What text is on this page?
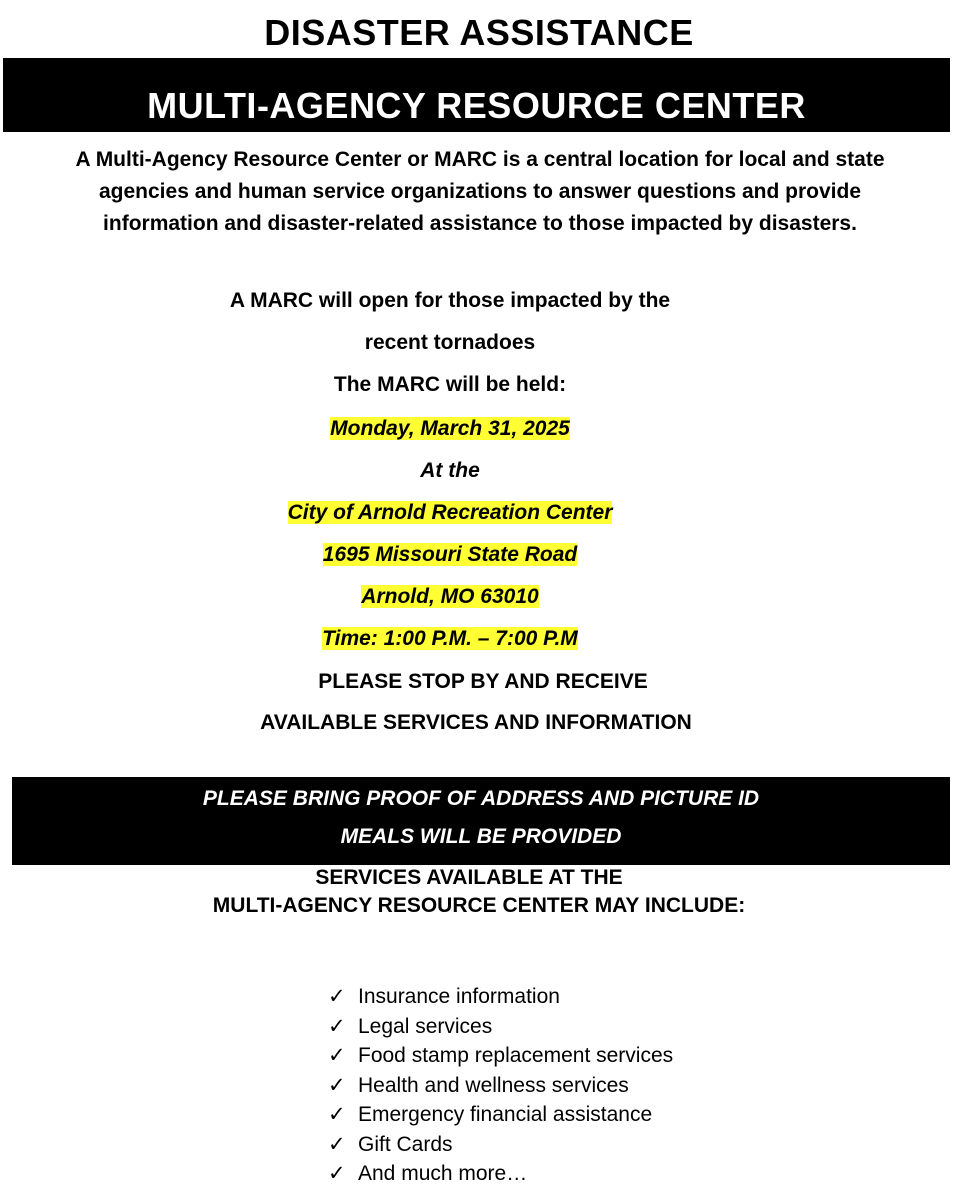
DISASTER ASSISTANCE
MULTI-AGENCY RESOURCE CENTER

A Multi-Agency Resource Center or MARC is a central location for local and state agencies and human service organizations to answer questions and provide information and disaster-related assistance to those impacted by disasters.

A MARC will open for those impacted by the

recent tornadoes

The MARC will be held:

Monday, March 31, 2025

At the

City of Arnold Recreation Center

1695 Missouri State Road

Arnold, MO 63010

Time: 1:00 P.M. – 7:00 P.M

PLEASE STOP BY AND RECEIVE

AVAILABLE SERVICES AND INFORMATION

PLEASE BRING PROOF OF ADDRESS AND PICTURE ID

MEALS WILL BE PROVIDED

SERVICES AVAILABLE AT THE
MULTI-AGENCY RESOURCE CENTER MAY INCLUDE:
✓ Insurance information
✓ Legal services
✓ Food stamp replacement services
✓ Health and wellness services
✓ Emergency financial assistance
✓ Gift Cards
✓ And much more…
